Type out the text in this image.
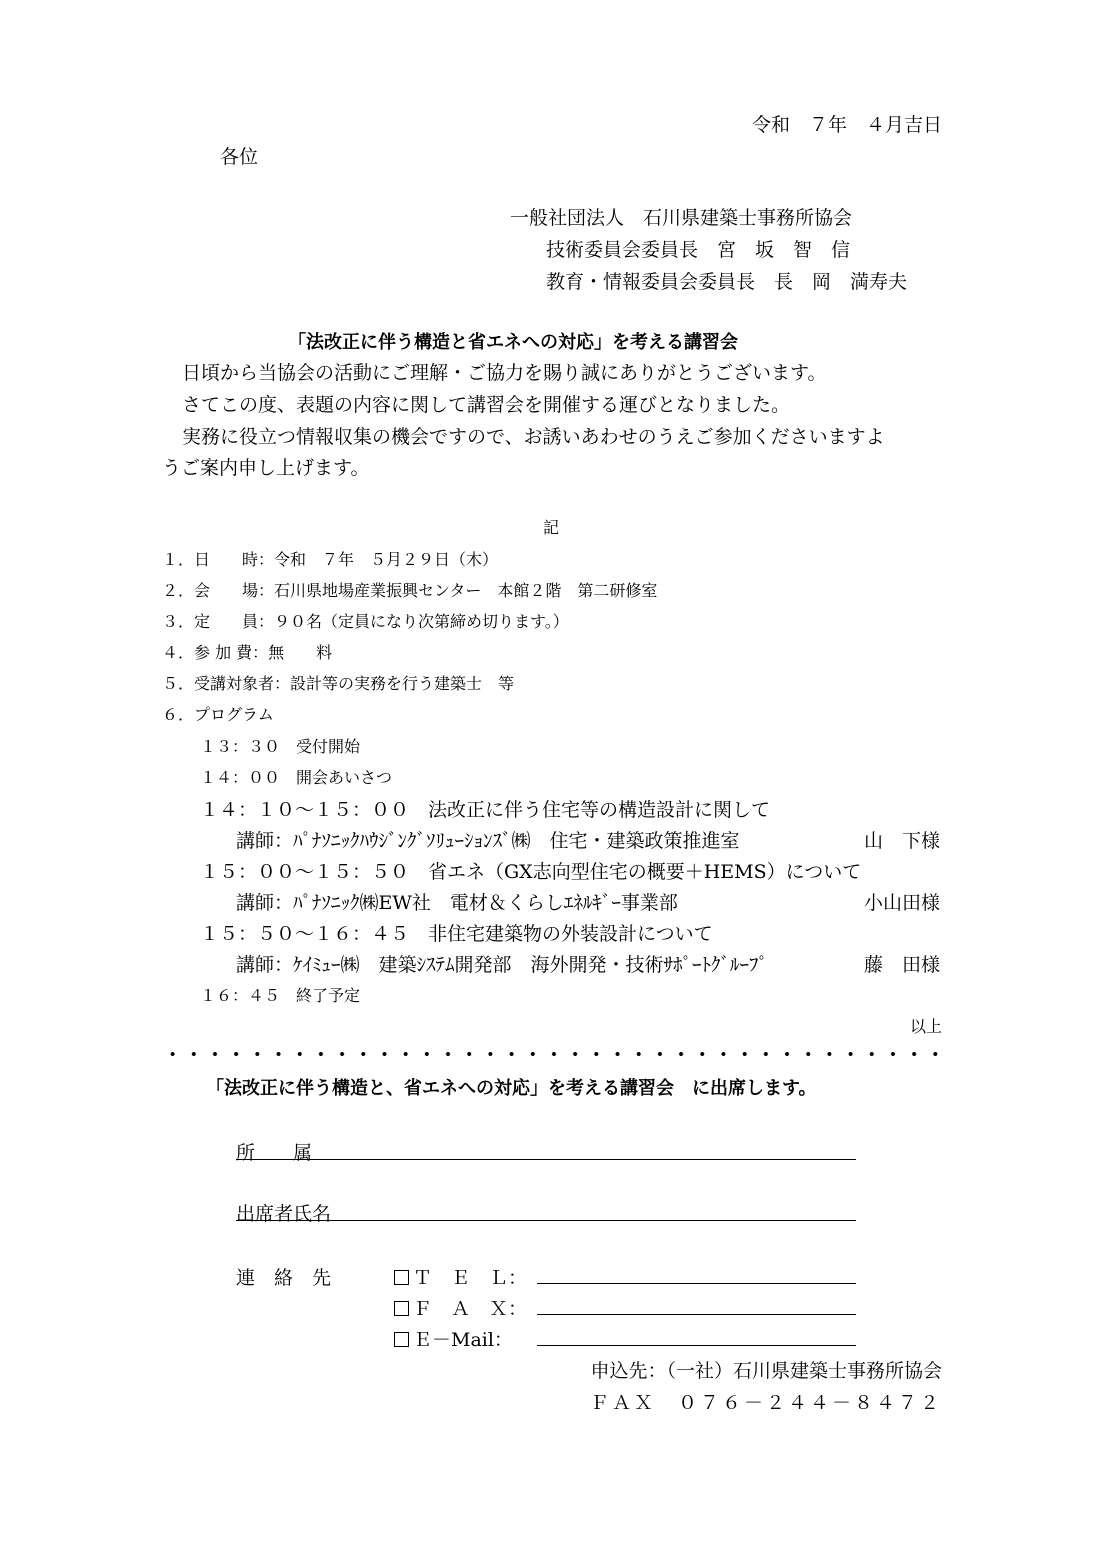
令和　７年　４月吉日
各位
一般社団法人　石川県建築士事務所協会
技術委員会委員長　宮　坂　智　信
教育・情報委員会委員長　長　岡　満寿夫
「法改正に伴う構造と省エネへの対応」を考える講習会
日頃から当協会の活動にご理解・ご協力を賜り誠にありがとうございます。
さてこの度、表題の内容に関して講習会を開催する運びとなりました。
実務に役立つ情報収集の機会ですので、お誘いあわせのうえご参加くださいますよ
うご案内申し上げます。
記
１．日　　時：令和　７年　５月２９日（木）
２．会　　場：石川県地場産業振興センター　本館２階　第二研修室
３．定　　員：９０名（定員になり次第締め切ります。）
４．参 加 費：無　　料
５．受講対象者：設計等の実務を行う建築士　等
６．プログラム
１３：３０　受付開始
１４：００　開会あいさつ
１４：１０～１５：００　法改正に伴う住宅等の構造設計に関して
講師：ﾊﾟﾅｿﾆｯｸﾊｳｼﾞﾝｸﾞｿﾘｭｰｼｮﾝｽﾞ㈱　住宅・建築政策推進室	山　下様
１５：００～１５：５０　省エネ（GX志向型住宅の概要＋HEMS）について
講師：ﾊﾟﾅｿﾆｯｸ㈱EW社　電材＆くらしｴﾈﾙｷﾞｰ事業部	小山田様
１５：５０～１６：４５　非住宅建築物の外装設計について
講師：ｹｲﾐｭｰ㈱　建築ｼｽﾃﾑ開発部　海外開発・技術ｻﾎﾟｰﾄｸﾞﾙｰﾌﾟ	藤　田様
１６：４５　終了予定
以上
「法改正に伴う構造と、省エネへの対応」を考える講習会　に出席します。
所　　属
出席者氏名
連　絡　先	Ｔ　Ｅ　Ｌ：
Ｆ　Ａ　Ｘ：
Ｅ－Mail：
申込先：（一社）石川県建築士事務所協会
ＦＡＸ　０７６－２４４－８４７２
